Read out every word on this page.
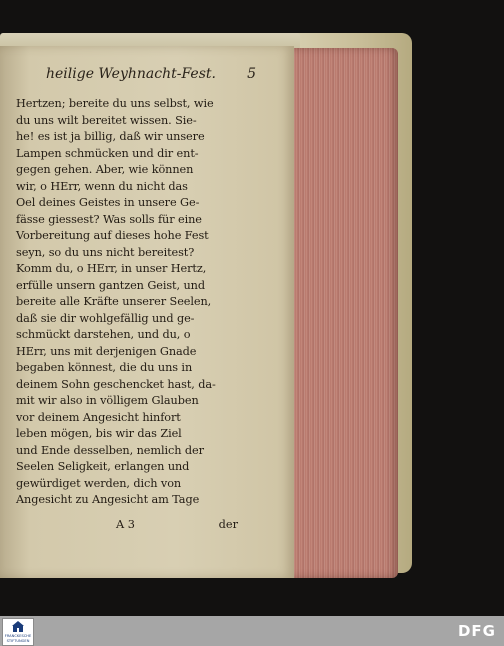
heilige Weyhnacht-Fest. 5
Hertzen; bereite du uns selbst, wie
du uns wilt bereitet wissen. Sie-
he! es ist ja billig, daß wir unsere
Lampen schmücken und dir ent-
gegen gehen. Aber, wie können
wir, o HErr, wenn du nicht das
Oel deines Geistes in unsere Ge-
fässe giessest? Was solls für eine
Vorbereitung auf dieses hohe Fest
seyn, so du uns nicht bereitest?
Komm du, o HErr, in unser Hertz,
erfülle unsern gantzen Geist, und
bereite alle Kräfte unserer Seelen,
daß sie dir wohlgefällig und ge-
schmückt darstehen, und du, o
HErr, uns mit derjenigen Gnade
begaben könnest, die du uns in
deinem Sohn geschencket hast, da-
mit wir also in völligem Glauben
vor deinem Angesicht hinfort
leben mögen, bis wir das Ziel
und Ende desselben, nemlich der
Seelen Seligkeit, erlangen und
gewürdiget werden, dich von
Angesicht zu Angesicht am Tage
A 3	der
FRANCKESCHE STIFTUNGEN
DFG
